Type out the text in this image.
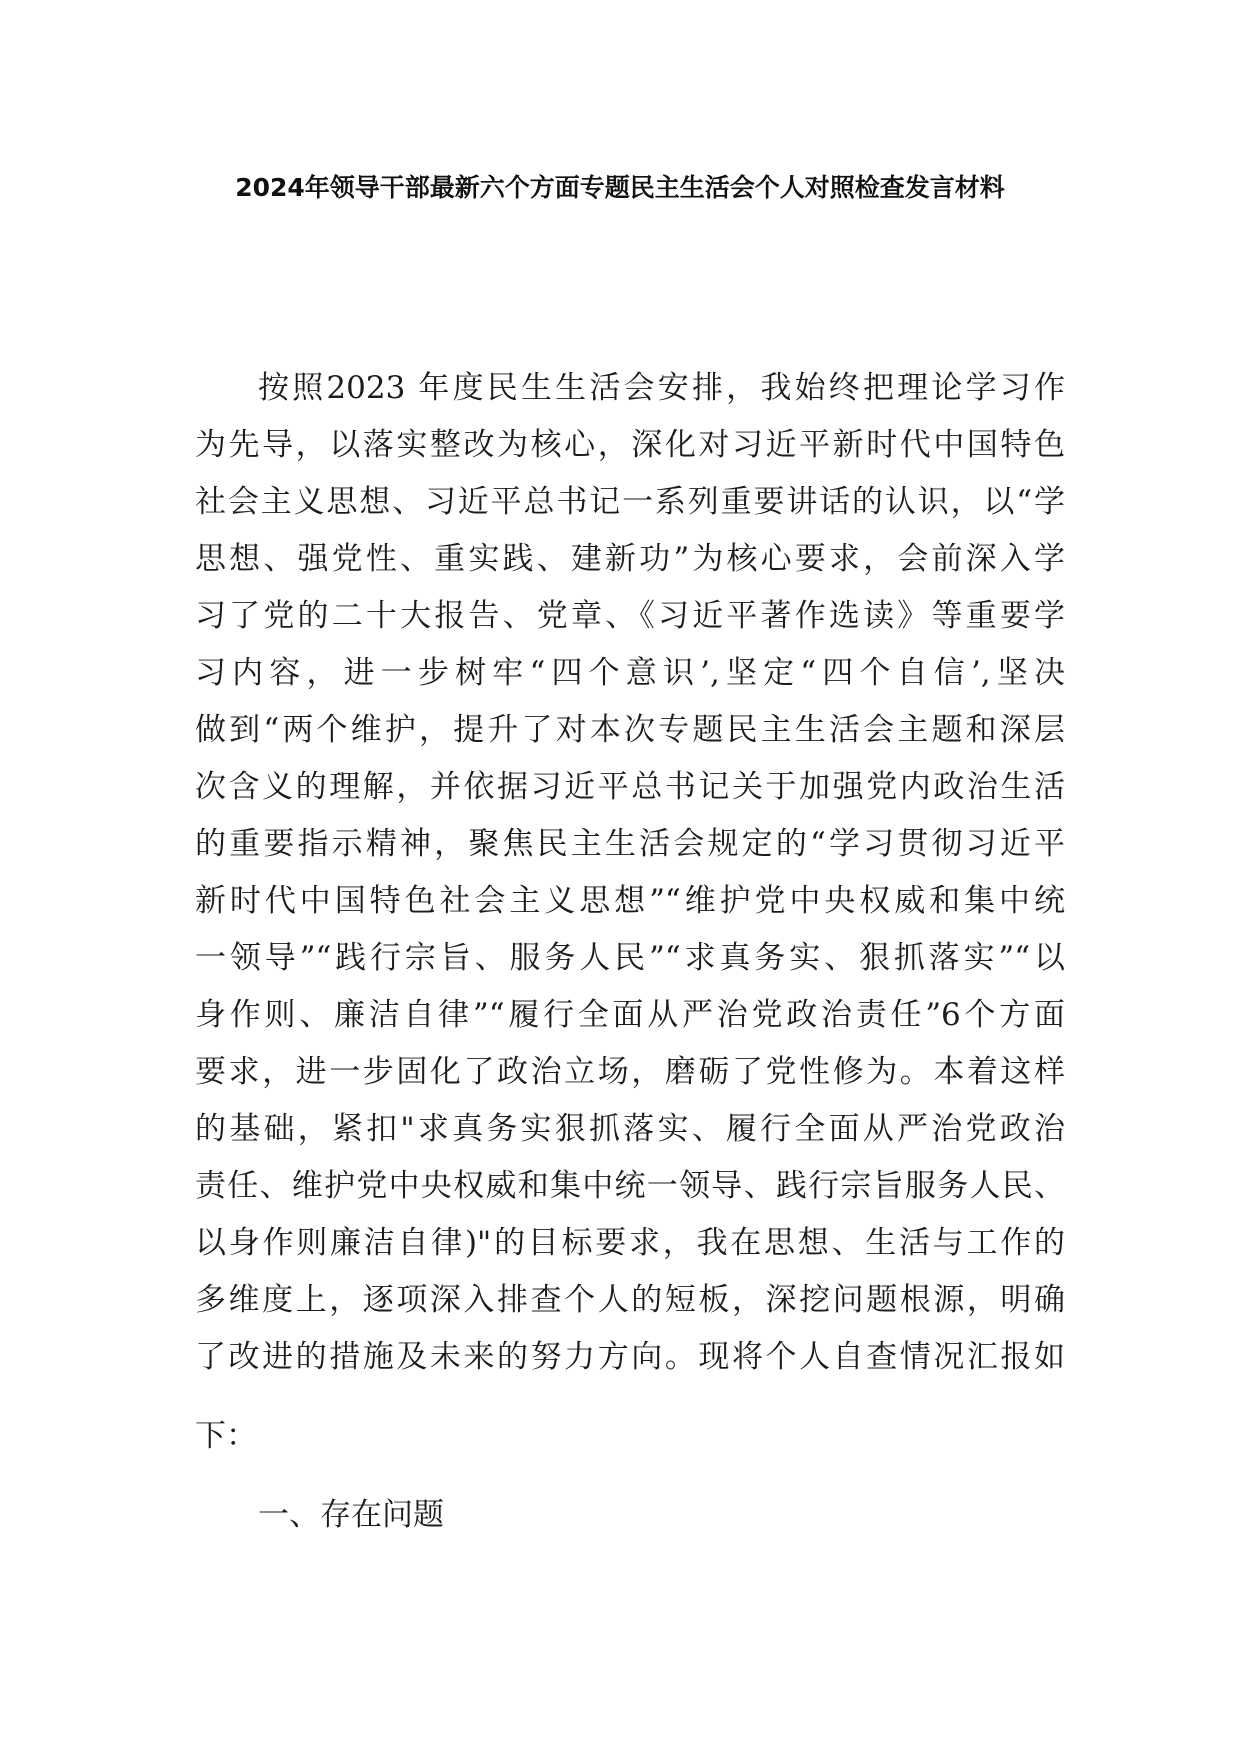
2024年领导干部最新六个方面专题民主生活会个人对照检查发言材料
按照2023 年度民生生活会安排，我始终把理论学习作
为先导，以落实整改为核心，深化对习近平新时代中国特色
社会主义思想、习近平总书记一系列重要讲话的认识，以“学
思想、强党性、重实践、建新功”为核心要求，会前深入学
习了党的二十大报告、党章、《习近平著作选读》等重要学
习内容，进一步树牢“四个意识’,坚定“四个自信’,坚决
做到“两个维护，提升了对本次专题民主生活会主题和深层
次含义的理解，并依据习近平总书记关于加强党内政治生活
的重要指示精神，聚焦民主生活会规定的“学习贯彻习近平
新时代中国特色社会主义思想”“维护党中央权威和集中统
一领导”“践行宗旨、服务人民”“求真务实、狠抓落实”“以
身作则、廉洁自律”“履行全面从严治党政治责任”6个方面
要求，进一步固化了政治立场，磨砺了党性修为。本着这样
的基础，紧扣"求真务实狠抓落实、履行全面从严治党政治
责任、维护党中央权威和集中统一领导、践行宗旨服务人民、
以身作则廉洁自律)"的目标要求，我在思想、生活与工作的
多维度上，逐项深入排查个人的短板，深挖问题根源，明确
了改进的措施及未来的努力方向。现将个人自查情况汇报如
下：
一、存在问题
